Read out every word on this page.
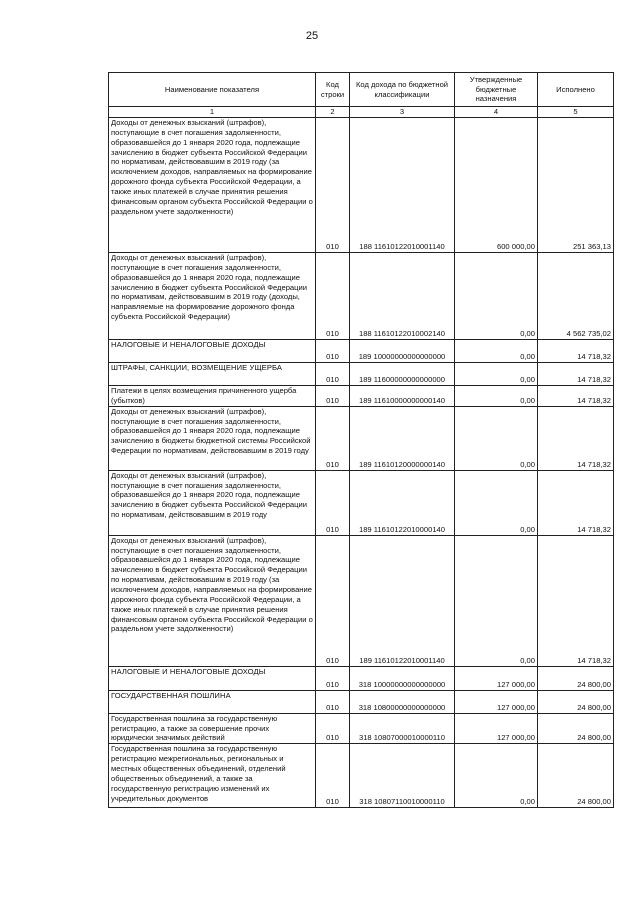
25
Наименование показателя	Код строки	Код дохода по бюджетной классификации	Утвержденные бюджетные назначения	Исполнено
1	2	3	4	5
Доходы от денежных взысканий (штрафов), поступающие в счет погашения задолженности, образовавшейся до 1 января 2020 года, подлежащие зачислению в бюджет субъекта Российской Федерации по нормативам, действовавшим в 2019 году (за исключением доходов, направляемых на формирование дорожного фонда субъекта Российской Федерации, а также иных платежей в случае принятия решения финансовым органом субъекта Российской Федерации о раздельном учете задолженности)	010	188 11610122010001140	600 000,00	251 363,13
Доходы от денежных взысканий (штрафов), поступающие в счет погашения задолженности, образовавшейся до 1 января 2020 года, подлежащие зачислению в бюджет субъекта Российской Федерации по нормативам, действовавшим в 2019 году (доходы, направляемые на формирование дорожного фонда субъекта Российской Федерации)	010	188 11610122010002140	0,00	4 562 735,02
НАЛОГОВЫЕ И НЕНАЛОГОВЫЕ ДОХОДЫ	010	189 10000000000000000	0,00	14 718,32
ШТРАФЫ, САНКЦИИ, ВОЗМЕЩЕНИЕ УЩЕРБА	010	189 11600000000000000	0,00	14 718,32
Платежи в целях возмещения причиненного ущерба (убытков)	010	189 11610000000000140	0,00	14 718,32
Доходы от денежных взысканий (штрафов), поступающие в счет погашения задолженности, образовавшейся до 1 января 2020 года, подлежащие зачислению в бюджеты бюджетной системы Российской Федерации по нормативам, действовавшим в 2019 году	010	189 11610120000000140	0,00	14 718,32
Доходы от денежных взысканий (штрафов), поступающие в счет погашения задолженности, образовавшейся до 1 января 2020 года, подлежащие зачислению в бюджет субъекта Российской Федерации по нормативам, действовавшим в 2019 году	010	189 11610122010000140	0,00	14 718,32
Доходы от денежных взысканий (штрафов), поступающие в счет погашения задолженности, образовавшейся до 1 января 2020 года, подлежащие зачислению в бюджет субъекта Российской Федерации по нормативам, действовавшим в 2019 году (за исключением доходов, направляемых на формирование дорожного фонда субъекта Российской Федерации, а также иных платежей в случае принятия решения финансовым органом субъекта Российской Федерации о раздельном учете задолженности)	010	189 11610122010001140	0,00	14 718,32
НАЛОГОВЫЕ И НЕНАЛОГОВЫЕ ДОХОДЫ	010	318 10000000000000000	127 000,00	24 800,00
ГОСУДАРСТВЕННАЯ ПОШЛИНА	010	318 10800000000000000	127 000,00	24 800,00
Государственная пошлина за государственную регистрацию, а также за совершение прочих юридически значимых действий	010	318 10807000010000110	127 000,00	24 800,00
Государственная пошлина за государственную регистрацию межрегиональных, региональных и местных общественных объединений, отделений общественных объединений, а также за государственную регистрацию изменений их учредительных документов	010	318 10807110010000110	0,00	24 800,00
